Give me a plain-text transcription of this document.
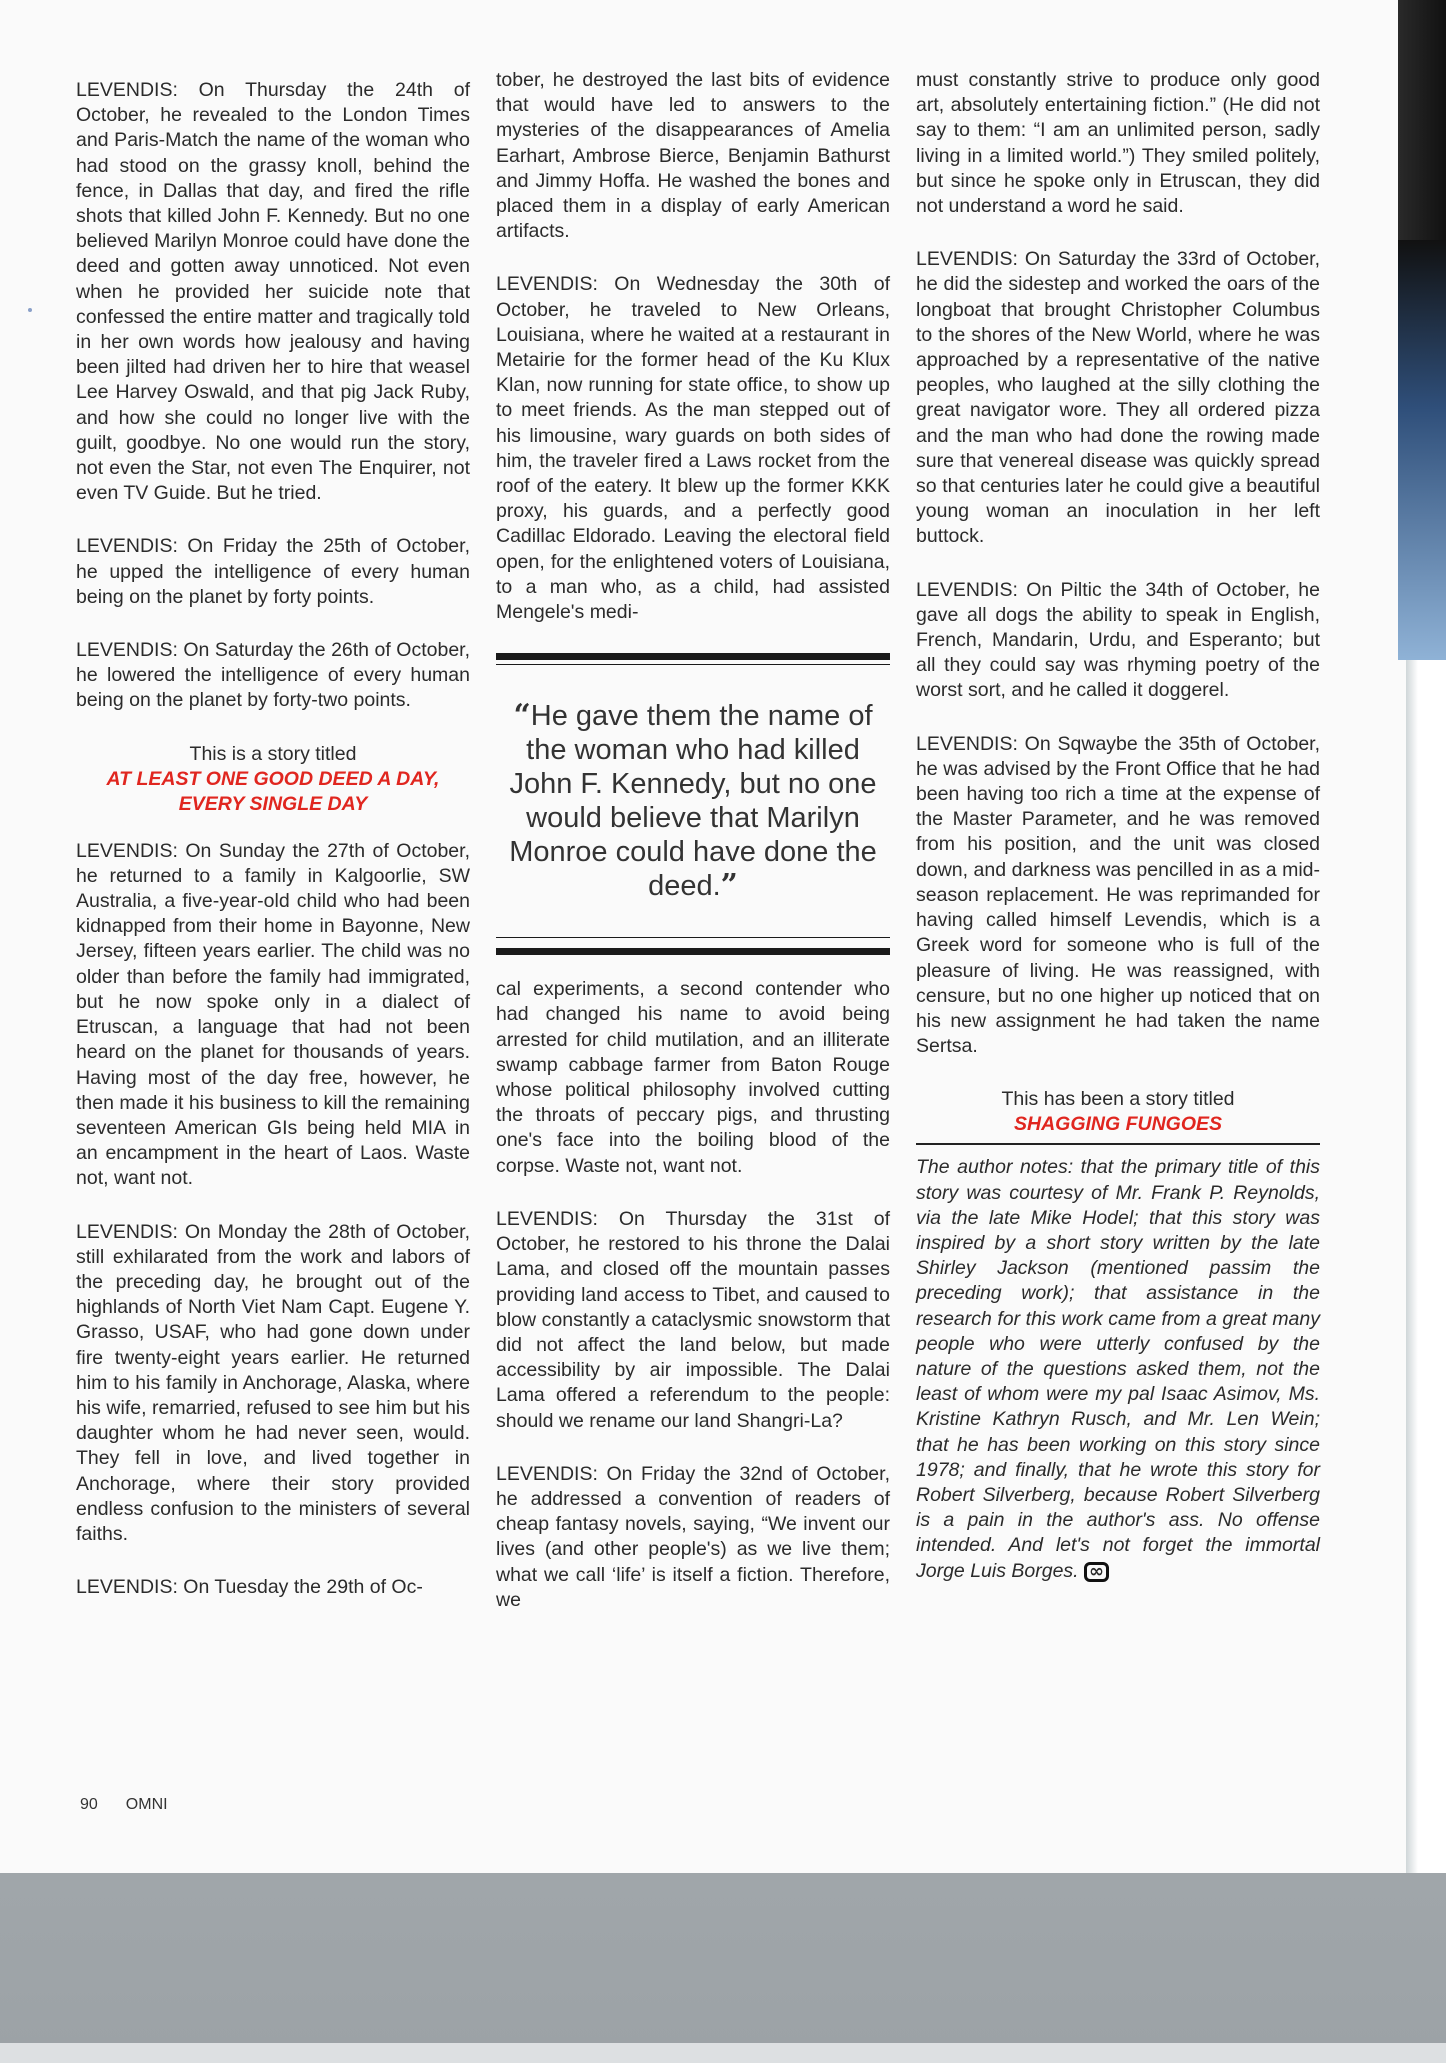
LEVENDIS: On Thursday the 24th of October, he revealed to the London Times and Paris-Match the name of the woman who had stood on the grassy knoll, behind the fence, in Dallas that day, and fired the rifle shots that killed John F. Kennedy. But no one believed Marilyn Monroe could have done the deed and gotten away unnoticed. Not even when he provided her suicide note that confessed the entire matter and tragically told in her own words how jealousy and having been jilted had driven her to hire that weasel Lee Harvey Oswald, and that pig Jack Ruby, and how she could no longer live with the guilt, goodbye. No one would run the story, not even the Star, not even The Enquirer, not even TV Guide. But he tried.

LEVENDIS: On Friday the 25th of October, he upped the intelligence of every human being on the planet by forty points.

LEVENDIS: On Saturday the 26th of October, he lowered the intelligence of every human being on the planet by forty-two points.

This is a story titled
AT LEAST ONE GOOD DEED A DAY, EVERY SINGLE DAY

LEVENDIS: On Sunday the 27th of October, he returned to a family in Kalgoorlie, SW Australia, a five-year-old child who had been kidnapped from their home in Bayonne, New Jersey, fifteen years earlier. The child was no older than before the family had immigrated, but he now spoke only in a dialect of Etruscan, a language that had not been heard on the planet for thousands of years. Having most of the day free, however, he then made it his business to kill the remaining seventeen American GIs being held MIA in an encampment in the heart of Laos. Waste not, want not.

LEVENDIS: On Monday the 28th of October, still exhilarated from the work and labors of the preceding day, he brought out of the highlands of North Viet Nam Capt. Eugene Y. Grasso, USAF, who had gone down under fire twenty-eight years earlier. He returned him to his family in Anchorage, Alaska, where his wife, remarried, refused to see him but his daughter whom he had never seen, would. They fell in love, and lived together in Anchorage, where their story provided endless confusion to the ministers of several faiths.

LEVENDIS: On Tuesday the 29th of Oc-

tober, he destroyed the last bits of evidence that would have led to answers to the mysteries of the disappearances of Amelia Earhart, Ambrose Bierce, Benjamin Bathurst and Jimmy Hoffa. He washed the bones and placed them in a display of early American artifacts.

LEVENDIS: On Wednesday the 30th of October, he traveled to New Orleans, Louisiana, where he waited at a restaurant in Metairie for the former head of the Ku Klux Klan, now running for state office, to show up to meet friends. As the man stepped out of his limousine, wary guards on both sides of him, the traveler fired a Laws rocket from the roof of the eatery. It blew up the former KKK proxy, his guards, and a perfectly good Cadillac Eldorado. Leaving the electoral field open, for the enlightened voters of Louisiana, to a man who, as a child, had assisted Mengele's medi-

“He gave them the name of the woman who had killed John F. Kennedy, but no one would believe that Marilyn Monroe could have done the deed.”

cal experiments, a second contender who had changed his name to avoid being arrested for child mutilation, and an illiterate swamp cabbage farmer from Baton Rouge whose political philosophy involved cutting the throats of peccary pigs, and thrusting one's face into the boiling blood of the corpse. Waste not, want not.

LEVENDIS: On Thursday the 31st of October, he restored to his throne the Dalai Lama, and closed off the mountain passes providing land access to Tibet, and caused to blow constantly a cataclysmic snowstorm that did not affect the land below, but made accessibility by air impossible. The Dalai Lama offered a referendum to the people: should we rename our land Shangri-La?

LEVENDIS: On Friday the 32nd of October, he addressed a convention of readers of cheap fantasy novels, saying, “We invent our lives (and other people's) as we live them; what we call ‘life’ is itself a fiction. Therefore, we

must constantly strive to produce only good art, absolutely entertaining fiction.” (He did not say to them: “I am an unlimited person, sadly living in a limited world.”) They smiled politely, but since he spoke only in Etruscan, they did not understand a word he said.

LEVENDIS: On Saturday the 33rd of October, he did the sidestep and worked the oars of the longboat that brought Christopher Columbus to the shores of the New World, where he was approached by a representative of the native peoples, who laughed at the silly clothing the great navigator wore. They all ordered pizza and the man who had done the rowing made sure that venereal disease was quickly spread so that centuries later he could give a beautiful young woman an inoculation in her left buttock.

LEVENDIS: On Piltic the 34th of October, he gave all dogs the ability to speak in English, French, Mandarin, Urdu, and Esperanto; but all they could say was rhyming poetry of the worst sort, and he called it doggerel.

LEVENDIS: On Sqwaybe the 35th of October, he was advised by the Front Office that he had been having too rich a time at the expense of the Master Parameter, and he was removed from his position, and the unit was closed down, and darkness was pencilled in as a mid-season replacement. He was reprimanded for having called himself Levendis, which is a Greek word for someone who is full of the pleasure of living. He was reassigned, with censure, but no one higher up noticed that on his new assignment he had taken the name Sertsa.

This has been a story titled
SHAGGING FUNGOES

The author notes: that the primary title of this story was courtesy of Mr. Frank P. Reynolds, via the late Mike Hodel; that this story was inspired by a short story written by the late Shirley Jackson (mentioned passim the preceding work); that assistance in the research for this work came from a great many people who were utterly confused by the nature of the questions asked them, not the least of whom were my pal Isaac Asimov, Ms. Kristine Kathryn Rusch, and Mr. Len Wein; that he has been working on this story since 1978; and finally, that he wrote this story for Robert Silverberg, because Robert Silverberg is a pain in the author's ass. No offense intended. And let's not forget the immortal Jorge Luis Borges. ∞

90 OMNI
